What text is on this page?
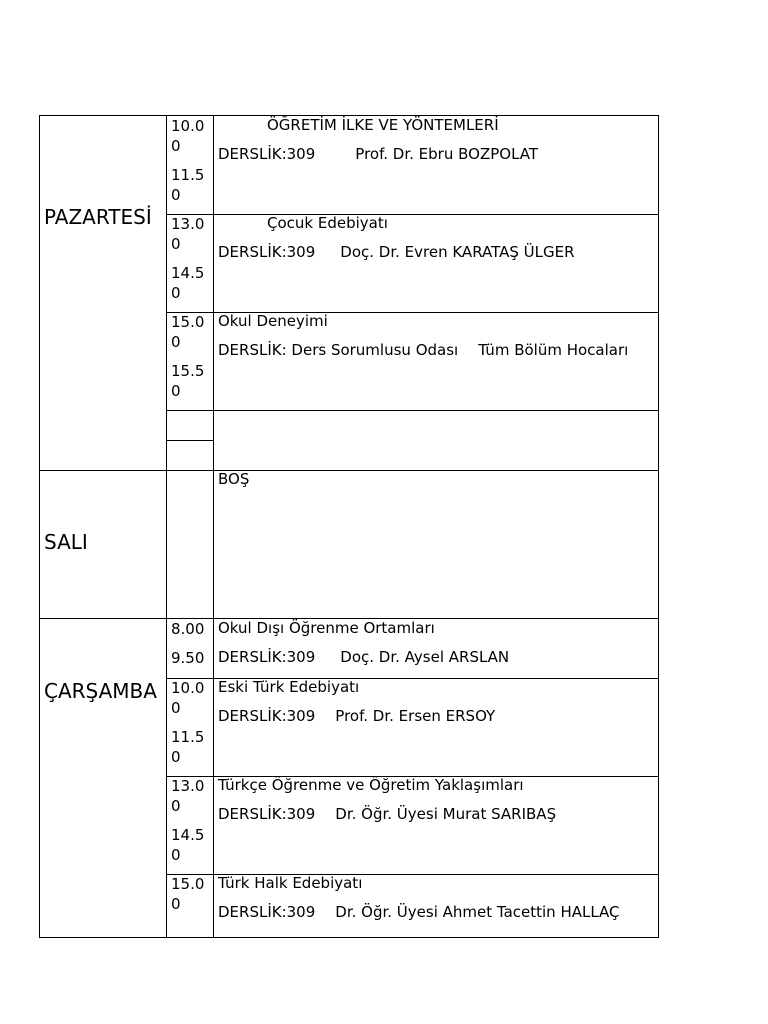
PAZARTESİ
SALI
ÇARŞAMBA
10.00
11.50
ÖĞRETİM İLKE VE YÖNTEMLERİ
DERSLİK:309	Prof. Dr. Ebru BOZPOLAT
13.00
14.50
Çocuk Edebiyatı
DERSLİK:309 Doç. Dr. Evren KARATAŞ ÜLGER
15.00
15.50
Okul Deneyimi
DERSLİK: Ders Sorumlusu Odası Tüm Bölüm Hocaları
BOŞ
8.00
9.50
Okul Dışı Öğrenme Ortamları
DERSLİK:309 Doç. Dr. Aysel ARSLAN
10.00
11.50
Eski Türk Edebiyatı
DERSLİK:309 Prof. Dr. Ersen ERSOY
13.00
14.50
Türkçe Öğrenme ve Öğretim Yaklaşımları
DERSLİK:309 Dr. Öğr. Üyesi Murat SARIBAŞ
15.00
Türk Halk Edebiyatı
DERSLİK:309 Dr. Öğr. Üyesi Ahmet Tacettin HALLAÇ
